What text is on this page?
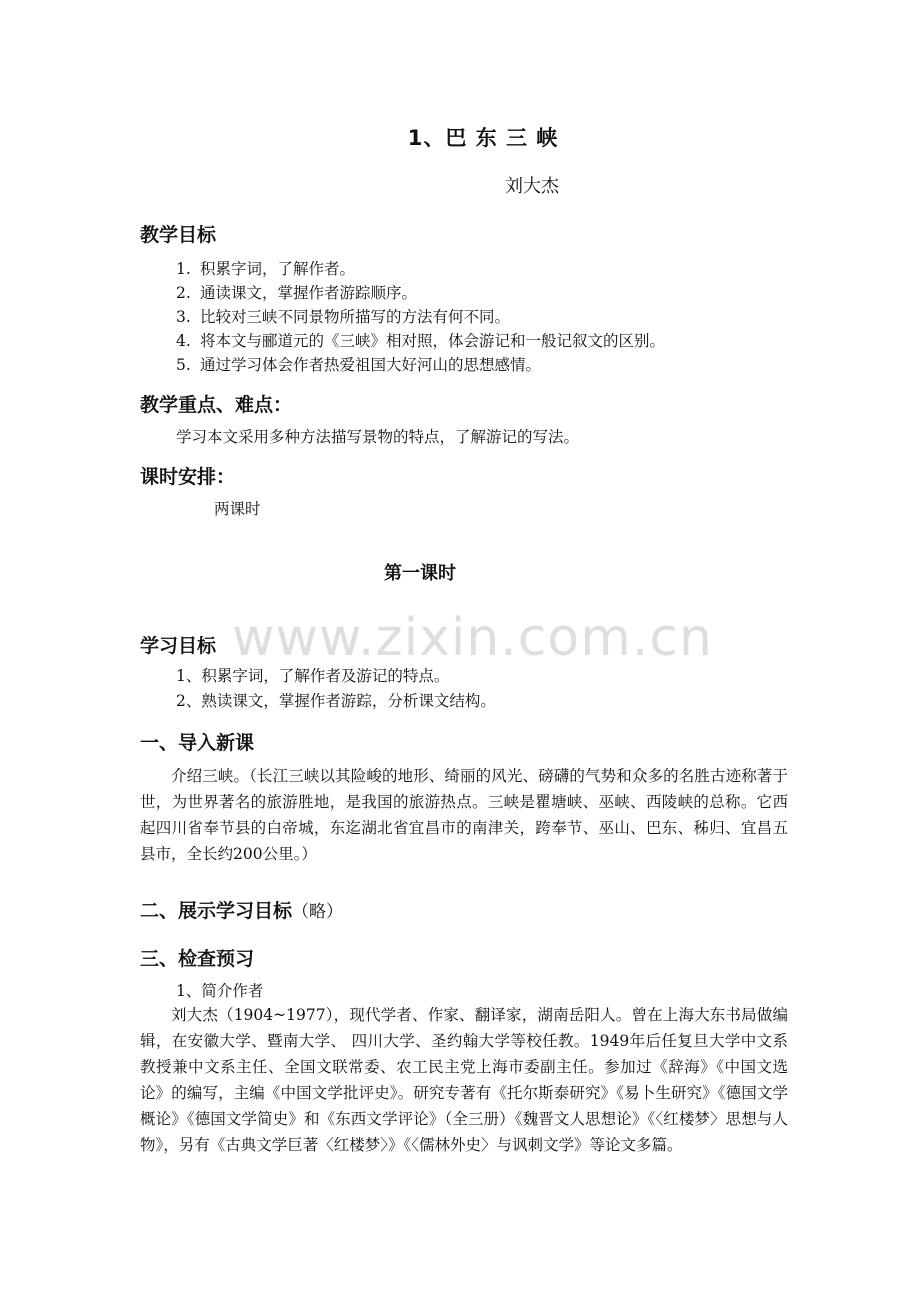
1、巴 东 三 峡
刘大杰
教学目标
1. 积累字词，了解作者。
2. 通读课文，掌握作者游踪顺序。
3. 比较对三峡不同景物所描写的方法有何不同。
4. 将本文与郦道元的《三峡》相对照，体会游记和一般记叙文的区别。
5. 通过学习体会作者热爱祖国大好河山的思想感情。
教学重点、难点：
学习本文采用多种方法描写景物的特点，了解游记的写法。
课时安排：
两课时
第一课时
www.zixin.com.cn
学习目标
1、积累字词，了解作者及游记的特点。
2、熟读课文，掌握作者游踪，分析课文结构。
一、导入新课
介绍三峡。（长江三峡以其险峻的地形、绮丽的风光、磅礴的气势和众多的名胜古迹称著于世，为世界著名的旅游胜地，是我国的旅游热点。三峡是瞿塘峡、巫峡、西陵峡的总称。它西起四川省奉节县的白帝城，东迄湖北省宜昌市的南津关，跨奉节、巫山、巴东、秭归、宜昌五县市，全长约200公里。）
二、展示学习目标（略）
三、检查预习
1、简介作者
刘大杰（1904~1977），现代学者、作家、翻译家，湖南岳阳人。曾在上海大东书局做编辑，在安徽大学、暨南大学、 四川大学、圣约翰大学等校任教。1949年后任复旦大学中文系教授兼中文系主任、全国文联常委、农工民主党上海市委副主任。参加过《辞海》《中国文选论》的编写，主编《中国文学批评史》。研究专著有《托尔斯泰研究》《易卜生研究》《德国文学概论》《德国文学简史》和《东西文学评论》（全三册）《魏晋文人思想论》《〈红楼梦〉思想与人物》，另有《古典文学巨著〈红楼梦〉》《〈儒林外史〉与讽刺文学》等论文多篇。
